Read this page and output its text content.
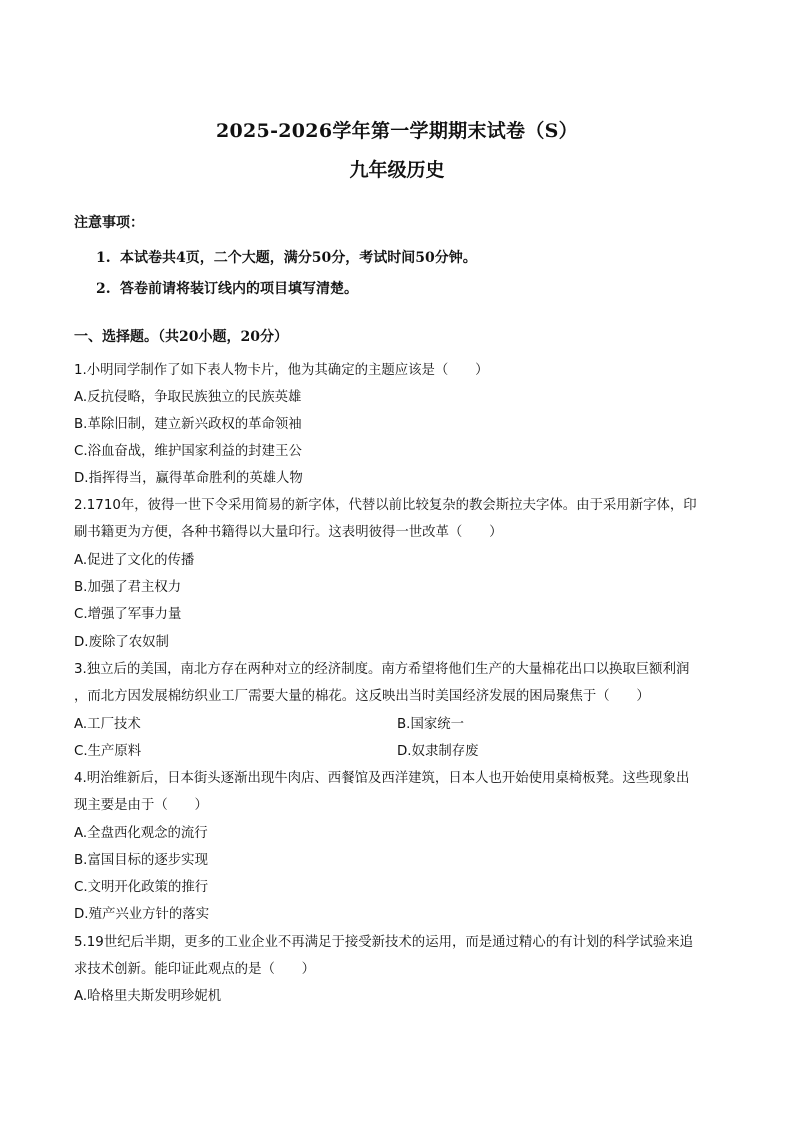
2025-2026学年第一学期期末试卷（S）
九年级历史
注意事项：
1. 本试卷共4页，二个大题，满分50分，考试时间50分钟。
2. 答卷前请将装订线内的项目填写清楚。
一、选择题。（共20小题，20分）
1.小明同学制作了如下表人物卡片，他为其确定的主题应该是（　　）
A.反抗侵略，争取民族独立的民族英雄
B.革除旧制，建立新兴政权的革命领袖
C.浴血奋战，维护国家利益的封建王公
D.指挥得当，赢得革命胜利的英雄人物
2.1710年，彼得一世下令采用简易的新字体，代替以前比较复杂的教会斯拉夫字体。由于采用新字体，印
刷书籍更为方便，各种书籍得以大量印行。这表明彼得一世改革（　　）
A.促进了文化的传播
B.加强了君主权力
C.增强了军事力量
D.废除了农奴制
3.独立后的美国，南北方存在两种对立的经济制度。南方希望将他们生产的大量棉花出口以换取巨额利润
，而北方因发展棉纺织业工厂需要大量的棉花。这反映出当时美国经济发展的困局聚焦于（　　）
A.工厂技术	B.国家统一
C.生产原料	D.奴隶制存废
4.明治维新后，日本街头逐渐出现牛肉店、西餐馆及西洋建筑，日本人也开始使用桌椅板凳。这些现象出
现主要是由于（　　）
A.全盘西化观念的流行
B.富国目标的逐步实现
C.文明开化政策的推行
D.殖产兴业方针的落实
5.19世纪后半期，更多的工业企业不再满足于接受新技术的运用，而是通过精心的有计划的科学试验来追
求技术创新。能印证此观点的是（　　）
A.哈格里夫斯发明珍妮机
